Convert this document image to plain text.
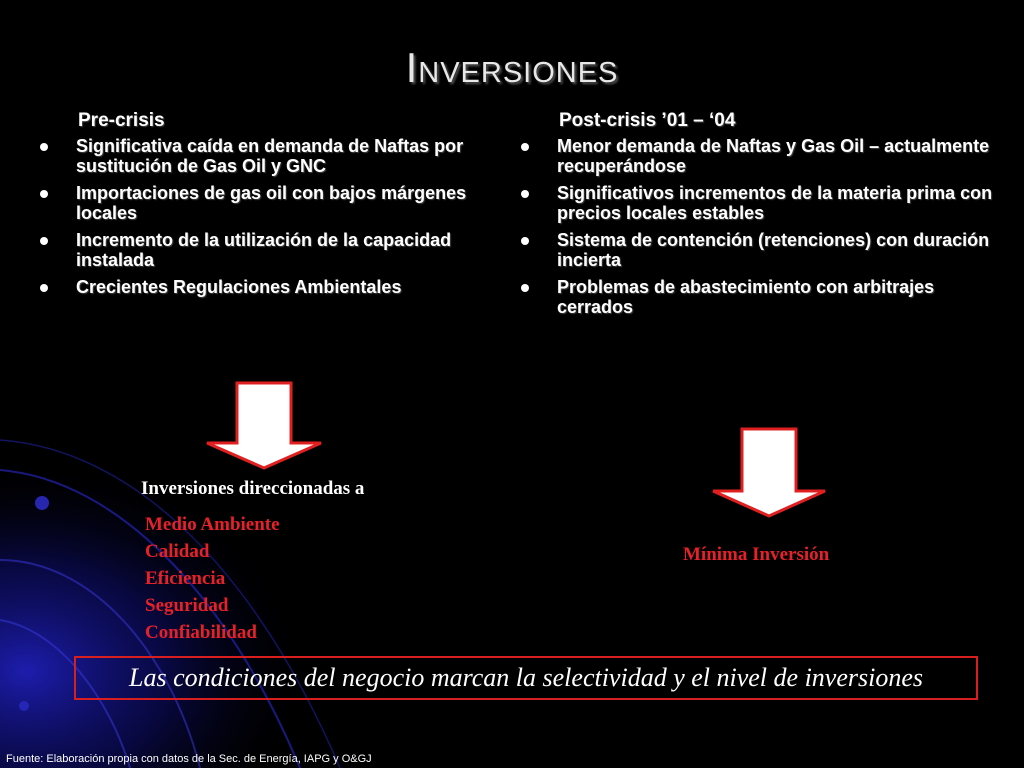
Inversiones
Pre-crisis
Significativa caída en demanda de Naftas por sustitución de Gas Oil y GNC
Importaciones de gas oil con bajos márgenes locales
Incremento de la utilización de la capacidad instalada
Crecientes Regulaciones Ambientales
Post-crisis ’01 – ‘04
Menor demanda de Naftas y Gas Oil – actualmente recuperándose
Significativos incrementos de la materia prima con precios locales estables
Sistema de contención (retenciones) con duración incierta
Problemas de abastecimiento con arbitrajes cerrados
Inversiones direccionadas a
Medio Ambiente
Calidad
Eficiencia
Seguridad
Confiabilidad
Mínima Inversión
Las condiciones del negocio marcan la selectividad y el nivel de inversiones
Fuente: Elaboración propia con datos de la Sec. de Energía, IAPG y O&GJ
